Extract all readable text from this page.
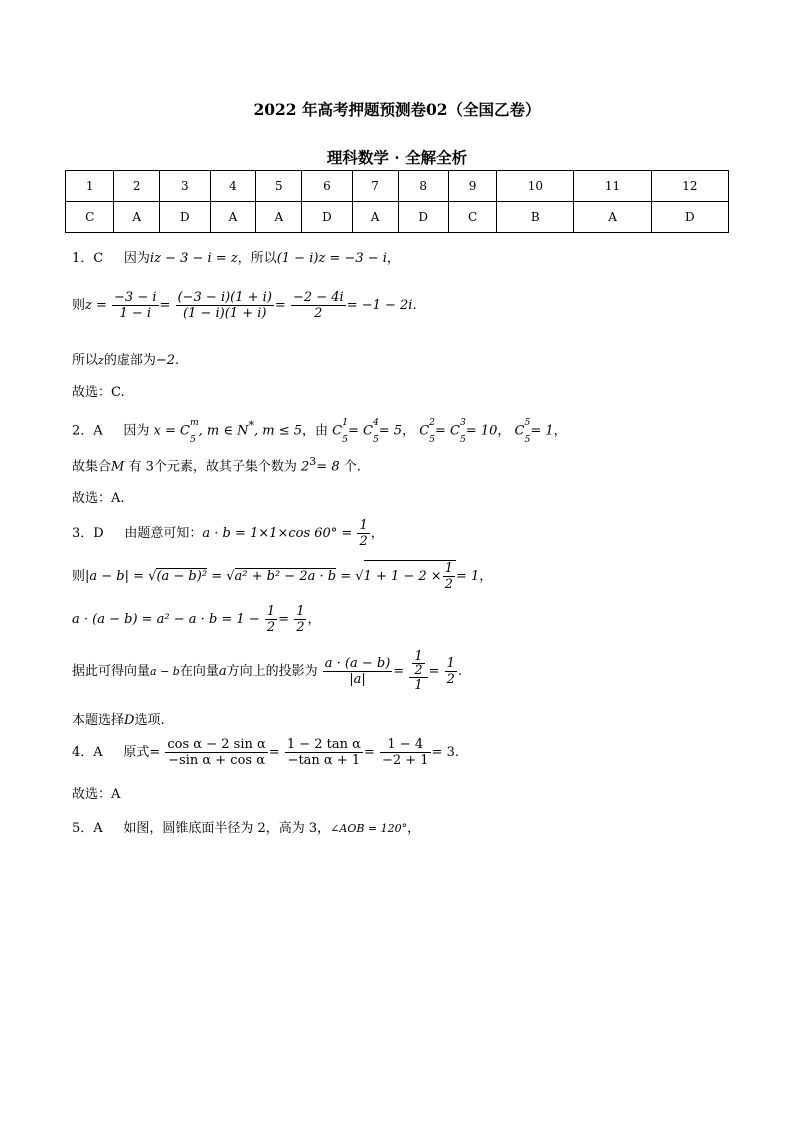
2022 年高考押题预测卷02（全国乙卷）
理科数学 · 全解全析
1	2	3	4	5	6	7	8	9	10	11	12
C	A	D	A	A	D	A	D	C	B	A	D
1．C 因为iz − 3 − i = z，所以(1 − i)z = −3 − i，
则$z = \frac{-3 - i}{1 - i} = \frac{(-3 - i)(1 + i)}{(1 - i)(1 + i)} = \frac{-2 - 4i}{2} = -1 - 2i$.
所以z的虚部为−2.
故选：C.
2．A 因为 $x = C^m$
$_5$, m ∈ N*, m ≤ 5，由 $C^1$
$_5= C^4$
$_5$= 5， $C^2$
$_5= C^3$
$_5$= 10， $C^5$
$_5$= 1，
故集合M 有 3个元素，故其子集个数为 $2^3= 8$ 个.
故选：A.
3．D 由题意可知：a · b = 1×1×cos $60^\circ = \frac{1}{2}$ ，
则$|a - b| = √(a - b)^2 = √a^2 + b^2 - 2a \cdot b = √1 + 1 - 2 \times \frac{1}{2} = 1$，
$a \cdot (a - b) = a^2 - a \cdot b = 1 - \frac{1}{2} = \frac{1}{2}$ ，
据此可得向量a − b在向量a方向上的投影为 $\frac{a \cdot (a - b)}{|a|} = \frac{\frac{1}{2}}{1} = \frac{1}{2}$ .
本题选择D选项.
4．A 原式= $\frac{\text{cos α − 2 sin α}}{\text{−sin α + cos α}} = \frac{\text{1 − 2 tan α}}{\text{−tan α + 1}} = \frac{1 - 4}{-2 + 1} = 3$.
故选：A
5．A 如图，圆锥底面半径为 2，高为 3，∠AOB = 120°，
